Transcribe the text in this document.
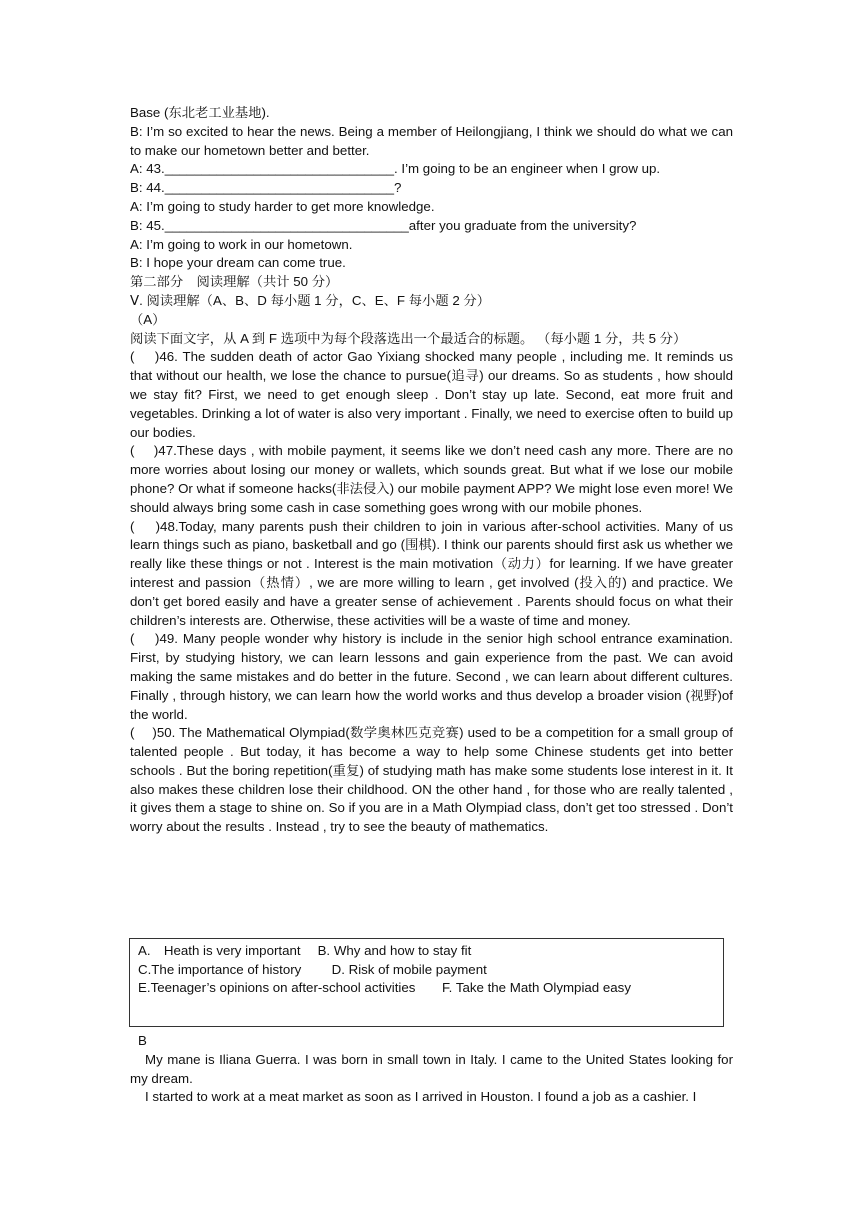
Base (东北老工业基地).
B: I’m so excited to hear the news. Being a member of Heilongjiang, I think we should do what we can to make our hometown better and better.
A: 43._______________________________. I’m going to be an engineer when I grow up.
B: 44._______________________________?
A: I’m going to study harder to get more knowledge.
B: 45._________________________________after you graduate from the university?
A: I’m going to work in our hometown.
B: I hope your dream can come true.
第二部分　阅读理解（共计 50 分）
Ⅴ. 阅读理解（A、B、D 每小题 1 分，C、E、F 每小题 2 分）
（A）
阅读下面文字，从 A 到 F 选项中为每个段落选出一个最适合的标题。 （每小题 1 分，共 5 分）
(　 )46. The sudden death of actor Gao Yixiang shocked many people , including me. It reminds us that without our health, we lose the chance to pursue(追寻) our dreams. So as students , how should we stay fit? First, we need to get enough sleep . Don’t stay up late. Second, eat more fruit and vegetables. Drinking a lot of water is also very important . Finally, we need to exercise often to build up our bodies.
(　 )47.These days , with mobile payment, it seems like we don’t need cash any more. There are no more worries about losing our money or wallets, which sounds great. But what if we lose our mobile phone? Or what if someone hacks(非法侵入) our mobile payment APP? We might lose even more! We should always bring some cash in case something goes wrong with our mobile phones.
(　 )48.Today, many parents push their children to join in various after-school activities. Many of us learn things such as piano, basketball and go (围棋). I think our parents should first ask us whether we really like these things or not . Interest is the main motivation（动力）for learning. If we have greater interest and passion（热情）, we are more willing to learn , get involved (投入的) and practice. We don’t get bored easily and have a greater sense of achievement . Parents should focus on what their children’s interests are. Otherwise, these activities will be a waste of time and money.
(　 )49. Many people wonder why history is include in the senior high school entrance examination. First, by studying history, we can learn lessons and gain experience from the past. We can avoid making the same mistakes and do better in the future. Second , we can learn about different cultures. Finally , through history, we can learn how the world works and thus develop a broader vision (视野)of the world.
(　 )50. The Mathematical Olympiad(数学奥林匹克竞赛) used to be a competition for a small group of talented people . But today, it has become a way to help some Chinese students get into better schools . But the boring repetition(重复) of studying math has make some students lose interest in it. It also makes these children lose their childhood. ON the other hand , for those who are really talented , it gives them a stage to shine on. So if you are in a Math Olympiad class, don’t get too stressed . Don’t worry about the results . Instead , try to see the beauty of mathematics.
A.　Heath is very important　 B. Why and how to stay fit
C.The importance of history　　 D. Risk of mobile payment
E.Teenager’s opinions on after-school activities　　F. Take the Math Olympiad easy
B
My mane is Iliana Guerra. I was born in small town in Italy. I came to the United States looking for my dream.
I started to work at a meat market as soon as I arrived in Houston. I found a job as a cashier. I
